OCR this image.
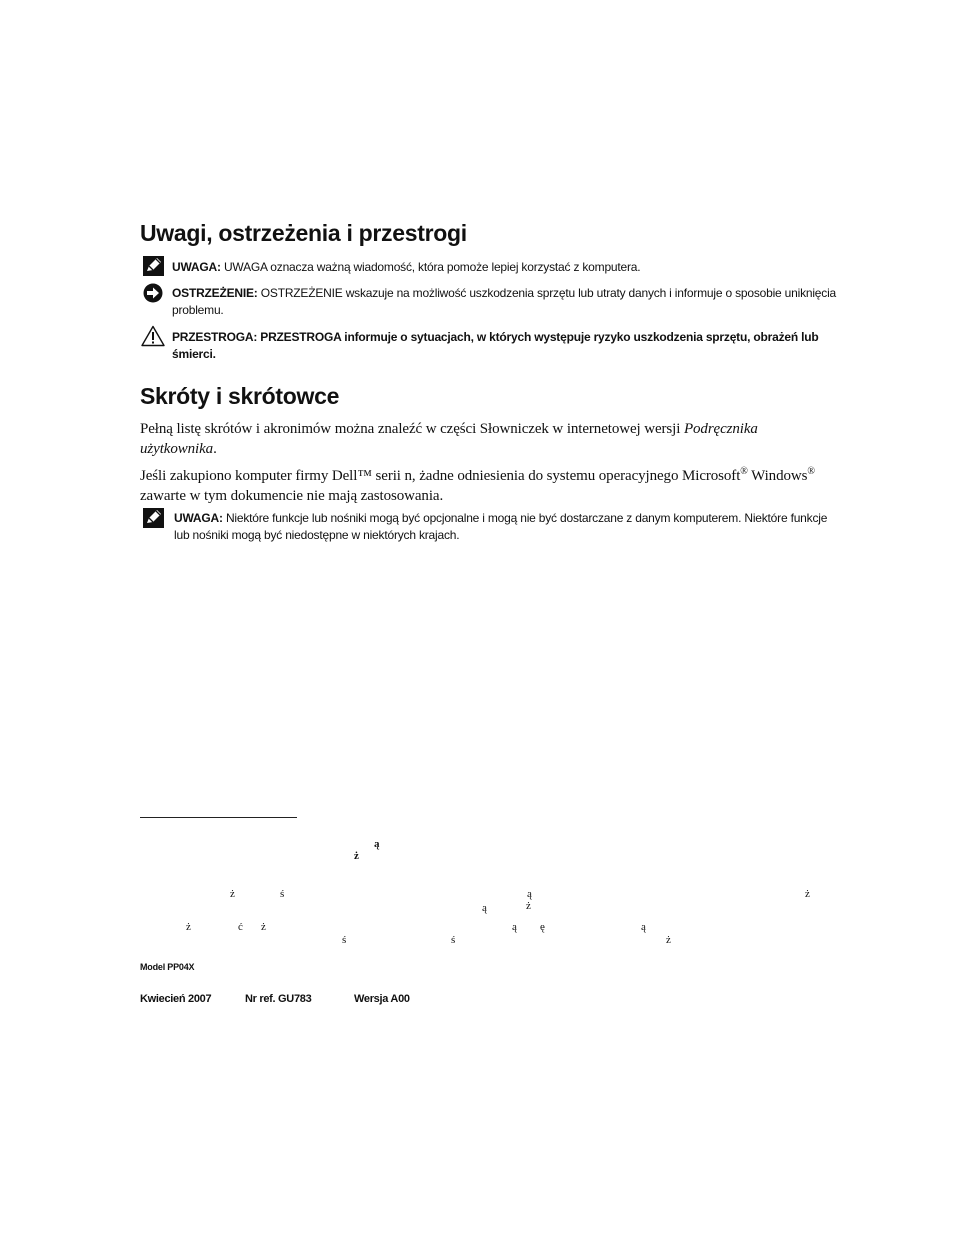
Uwagi, ostrzeżenia i przestrogi
UWAGA: UWAGA oznacza ważną wiadomość, która pomoże lepiej korzystać z komputera.
OSTRZEŻENIE: OSTRZEŻENIE wskazuje na możliwość uszkodzenia sprzętu lub utraty danych i informuje o sposobie uniknięcia problemu.
PRZESTROGA: PRZESTROGA informuje o sytuacjach, w których występuje ryzyko uszkodzenia sprzętu, obrażeń lub śmierci.
Skróty i skrótowce
Pełną listę skrótów i akronimów można znaleźć w części Słowniczek w internetowej wersji Podręcznika użytkownika.
Jeśli zakupiono komputer firmy Dell™ serii n, żadne odniesienia do systemu operacyjnego Microsoft® Windows® zawarte w tym dokumencie nie mają zastosowania.
UWAGA: Niektóre funkcje lub nośniki mogą być opcjonalne i mogą nie być dostarczane z danym komputerem. Niektóre funkcje lub nośniki mogą być niedostępne w niektórych krajach.
ą
ż
ż	ś	ą	ż
ą	ż
ż	ć ż	ą ę	ą
ś	ś	ż
Model PP04X
Kwiecień 2007	Nr ref. GU783	Wersja A00
